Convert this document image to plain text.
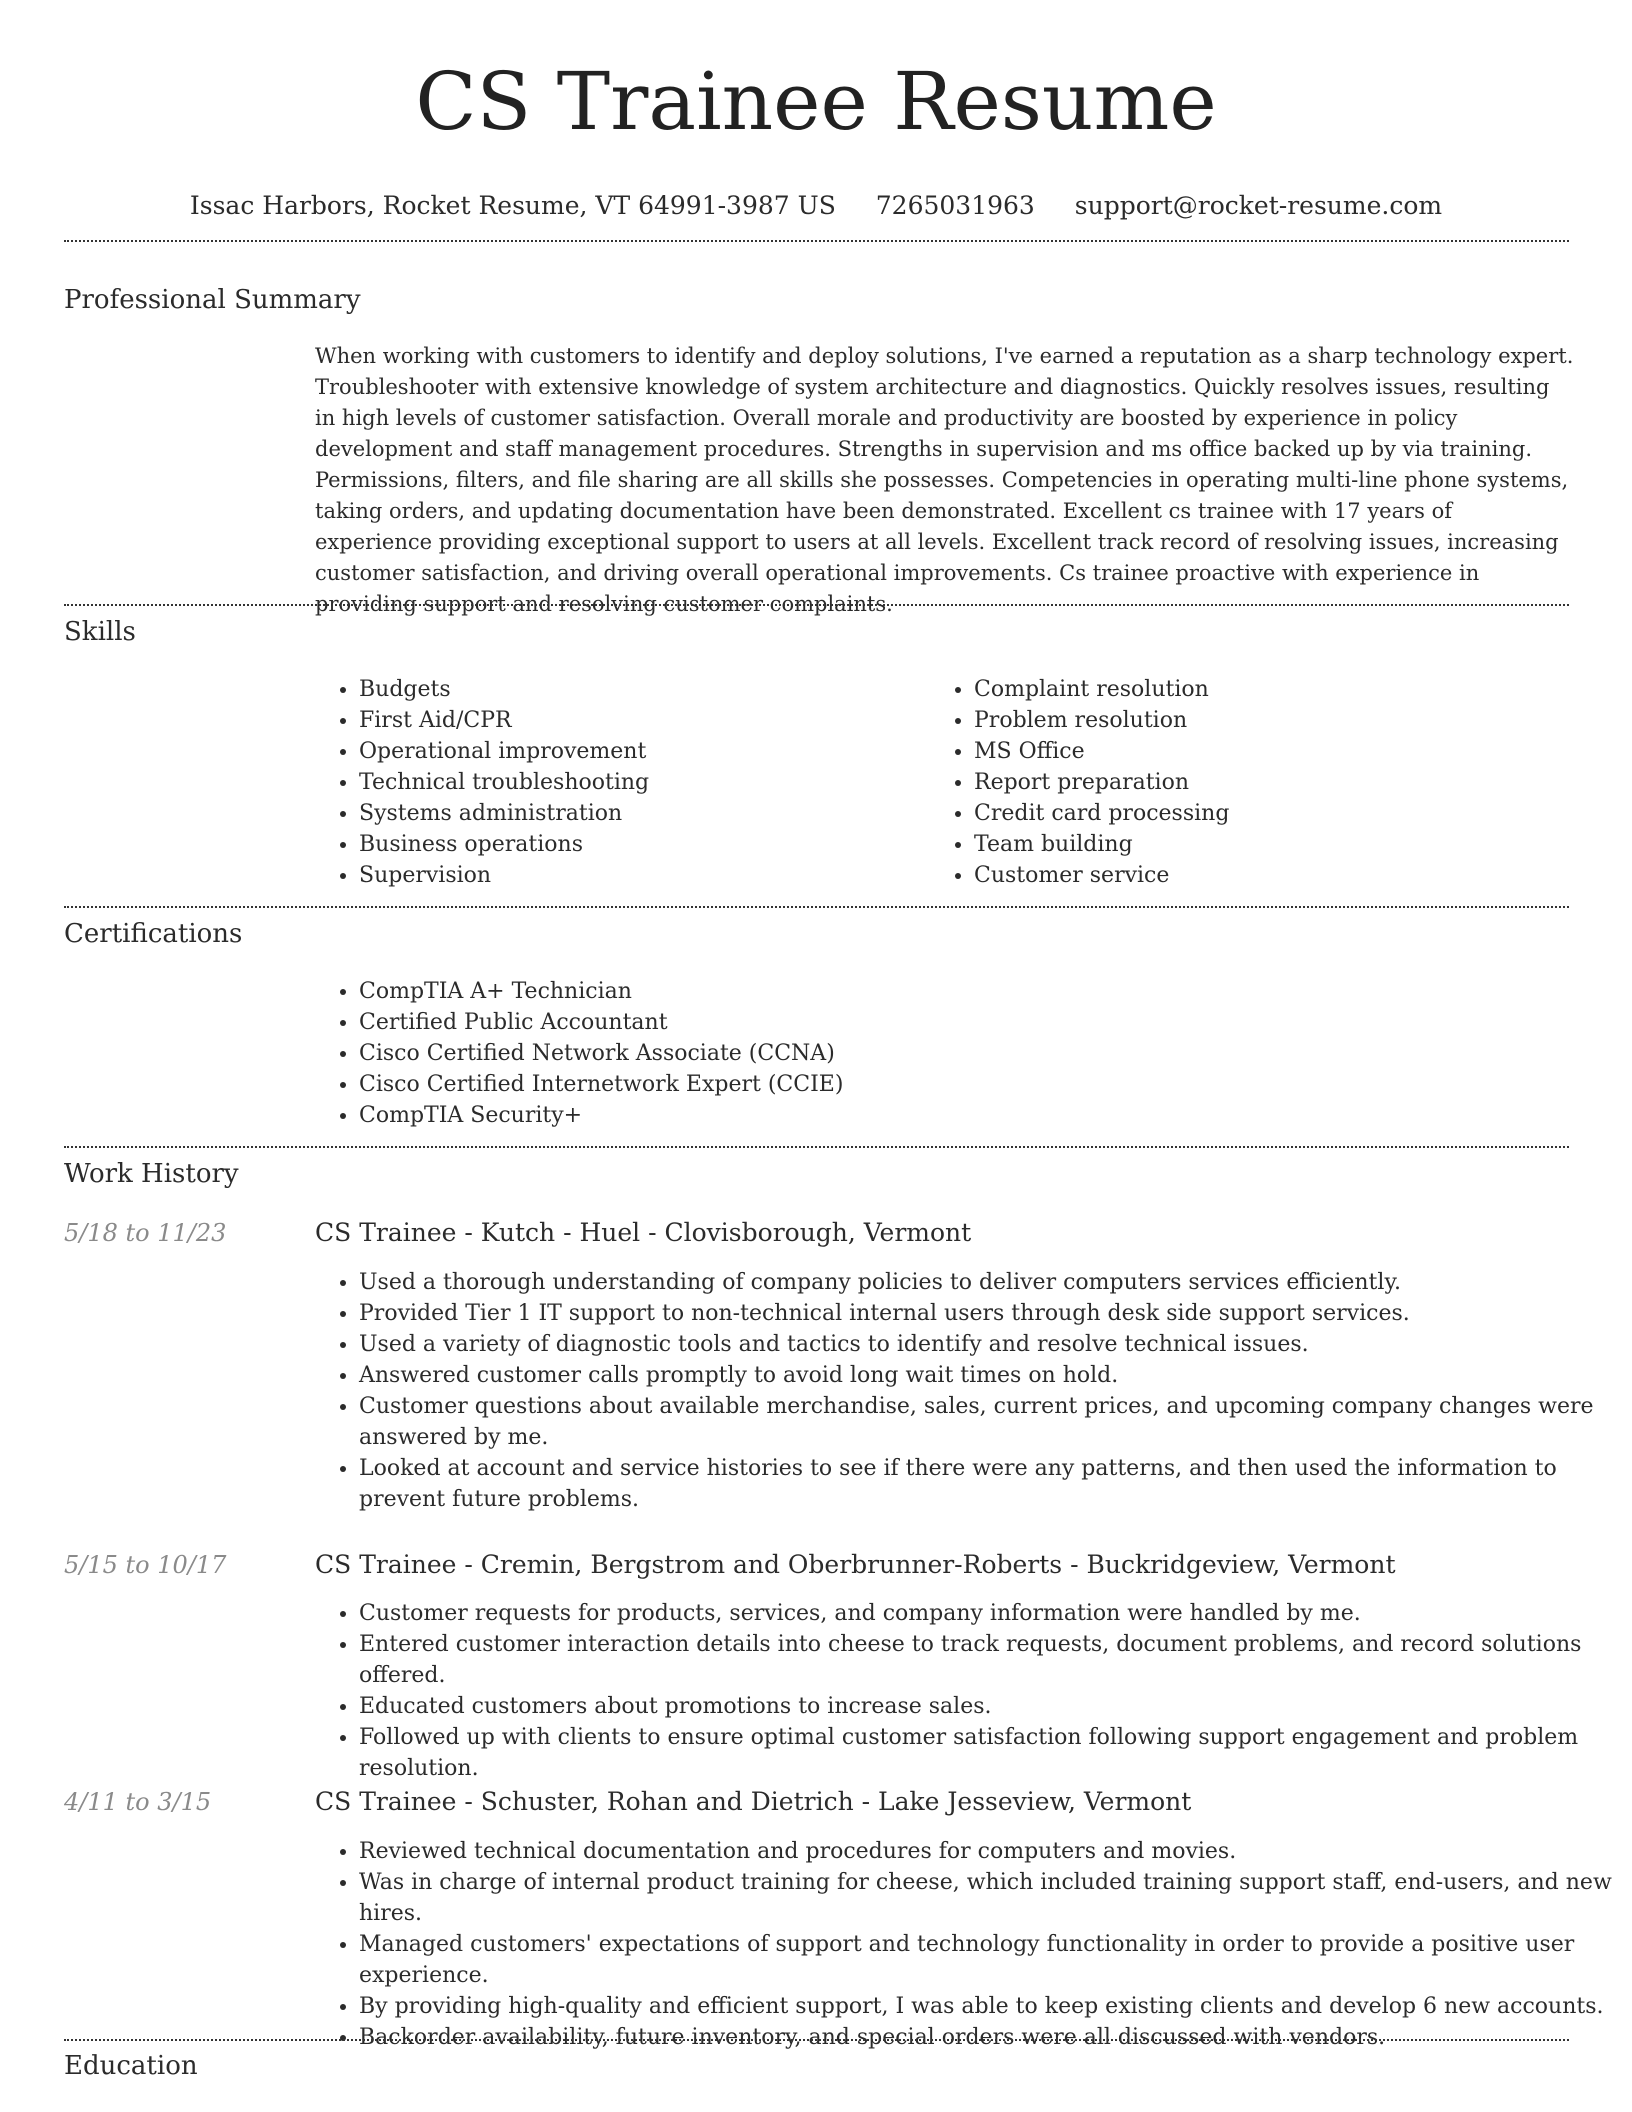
CS Trainee Resume
Issac Harbors, Rocket Resume, VT 64991-3987 US 7265031963 support@rocket-resume.com
Professional Summary

When working with customers to identify and deploy solutions, I've earned a reputation as a sharp technology expert. Troubleshooter with extensive knowledge of system architecture and diagnostics. Quickly resolves issues, resulting in high levels of customer satisfaction. Overall morale and productivity are boosted by experience in policy development and staff management procedures. Strengths in supervision and ms office backed up by via training. Permissions, filters, and file sharing are all skills she possesses. Competencies in operating multi-line phone systems, taking orders, and updating documentation have been demonstrated. Excellent cs trainee with 17 years of experience providing exceptional support to users at all levels. Excellent track record of resolving issues, increasing customer satisfaction, and driving overall operational improvements. Cs trainee proactive with experience in providing support and resolving customer complaints.

Skills
• Budgets
• First Aid/CPR
• Operational improvement
• Technical troubleshooting
• Systems administration
• Business operations
• Supervision
• Complaint resolution
• Problem resolution
• MS Office
• Report preparation
• Credit card processing
• Team building
• Customer service
Certifications
• CompTIA A+ Technician
• Certified Public Accountant
• Cisco Certified Network Associate (CCNA)
• Cisco Certified Internetwork Expert (CCIE)
• CompTIA Security+
Work History
5/18 to 11/23	CS Trainee - Kutch - Huel - Clovisborough, Vermont
• Used a thorough understanding of company policies to deliver computers services efficiently.
• Provided Tier 1 IT support to non-technical internal users through desk side support services.
• Used a variety of diagnostic tools and tactics to identify and resolve technical issues.
• Answered customer calls promptly to avoid long wait times on hold.
• Customer questions about available merchandise, sales, current prices, and upcoming company changes were answered by me.
• Looked at account and service histories to see if there were any patterns, and then used the information to prevent future problems.
5/15 to 10/17	CS Trainee - Cremin, Bergstrom and Oberbrunner-Roberts - Buckridgeview, Vermont
• Customer requests for products, services, and company information were handled by me.
• Entered customer interaction details into cheese to track requests, document problems, and record solutions offered.
• Educated customers about promotions to increase sales.
• Followed up with clients to ensure optimal customer satisfaction following support engagement and problem resolution.
4/11 to 3/15	CS Trainee - Schuster, Rohan and Dietrich - Lake Jesseview, Vermont
• Reviewed technical documentation and procedures for computers and movies.
• Was in charge of internal product training for cheese, which included training support staff, end-users, and new hires.
• Managed customers' expectations of support and technology functionality in order to provide a positive user experience.
• By providing high-quality and efficient support, I was able to keep existing clients and develop 6 new accounts.
• Backorder availability, future inventory, and special orders were all discussed with vendors.
Education
